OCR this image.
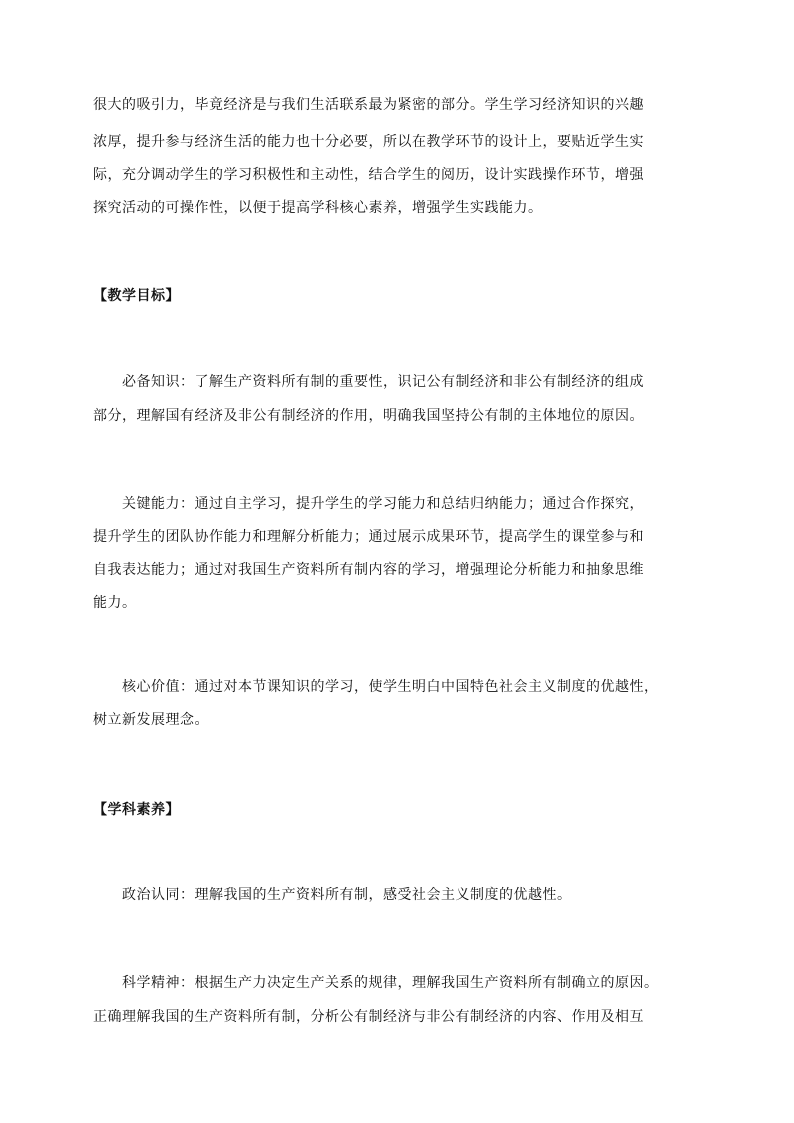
很大的吸引力，毕竟经济是与我们生活联系最为紧密的部分。学生学习经济知识的兴趣
浓厚，提升参与经济生活的能力也十分必要，所以在教学环节的设计上，要贴近学生实
际，充分调动学生的学习积极性和主动性，结合学生的阅历，设计实践操作环节，增强
探究活动的可操作性，以便于提高学科核心素养，增强学生实践能力。
【教学目标】
必备知识：了解生产资料所有制的重要性，识记公有制经济和非公有制经济的组成
部分，理解国有经济及非公有制经济的作用，明确我国坚持公有制的主体地位的原因。
关键能力：通过自主学习，提升学生的学习能力和总结归纳能力；通过合作探究，
提升学生的团队协作能力和理解分析能力；通过展示成果环节，提高学生的课堂参与和
自我表达能力；通过对我国生产资料所有制内容的学习，增强理论分析能力和抽象思维
能力。
核心价值：通过对本节课知识的学习，使学生明白中国特色社会主义制度的优越性，
树立新发展理念。
【学科素养】
政治认同：理解我国的生产资料所有制，感受社会主义制度的优越性。
科学精神：根据生产力决定生产关系的规律，理解我国生产资料所有制确立的原因。
正确理解我国的生产资料所有制，分析公有制经济与非公有制经济的内容、作用及相互
